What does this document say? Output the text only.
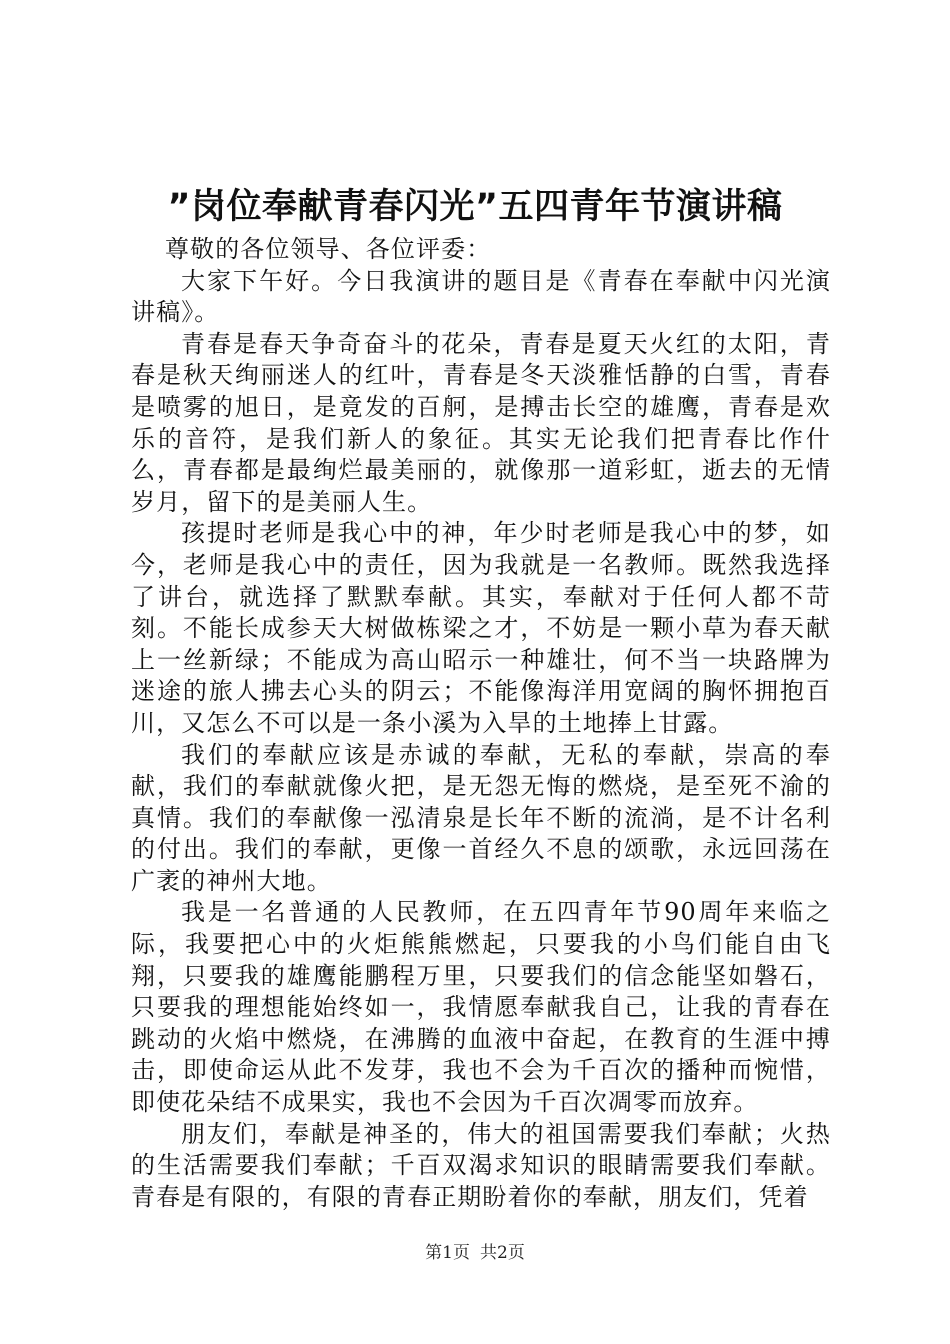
”岗位奉献青春闪光”五四青年节演讲稿

尊敬的各位领导、各位评委：

大家下午好。今日我演讲的题目是《青春在奉献中闪光演讲稿》。

青春是春天争奇奋斗的花朵，青春是夏天火红的太阳，青春是秋天绚丽迷人的红叶，青春是冬天淡雅恬静的白雪，青春是喷雾的旭日，是竟发的百舸，是搏击长空的雄鹰，青春是欢乐的音符，是我们新人的象征。其实无论我们把青春比作什么，青春都是最绚烂最美丽的，就像那一道彩虹，逝去的无情岁月，留下的是美丽人生。

孩提时老师是我心中的神，年少时老师是我心中的梦，如今，老师是我心中的责任，因为我就是一名教师。既然我选择了讲台，就选择了默默奉献。其实，奉献对于任何人都不苛刻。不能长成参天大树做栋梁之才，不妨是一颗小草为春天献上一丝新绿；不能成为高山昭示一种雄壮，何不当一块路牌为迷途的旅人拂去心头的阴云；不能像海洋用宽阔的胸怀拥抱百川，又怎么不可以是一条小溪为入旱的土地捧上甘露。

我们的奉献应该是赤诚的奉献，无私的奉献，崇高的奉献，我们的奉献就像火把，是无怨无悔的燃烧，是至死不渝的真情。我们的奉献像一泓清泉是长年不断的流淌，是不计名利的付出。我们的奉献，更像一首经久不息的颂歌，永远回荡在广袤的神州大地。

我是一名普通的人民教师，在五四青年节90周年来临之际，我要把心中的火炬熊熊燃起，只要我的小鸟们能自由飞翔，只要我的雄鹰能鹏程万里，只要我们的信念能坚如磐石，只要我的理想能始终如一，我情愿奉献我自己，让我的青春在跳动的火焰中燃烧，在沸腾的血液中奋起，在教育的生涯中搏击，即使命运从此不发芽，我也不会为千百次的播种而惋惜，即使花朵结不成果实，我也不会因为千百次凋零而放弃。

朋友们，奉献是神圣的，伟大的祖国需要我们奉献；火热的生活需要我们奉献；千百双渴求知识的眼睛需要我们奉献。青春是有限的，有限的青春正期盼着你的奉献，朋友们，凭着

第1页 共2页
